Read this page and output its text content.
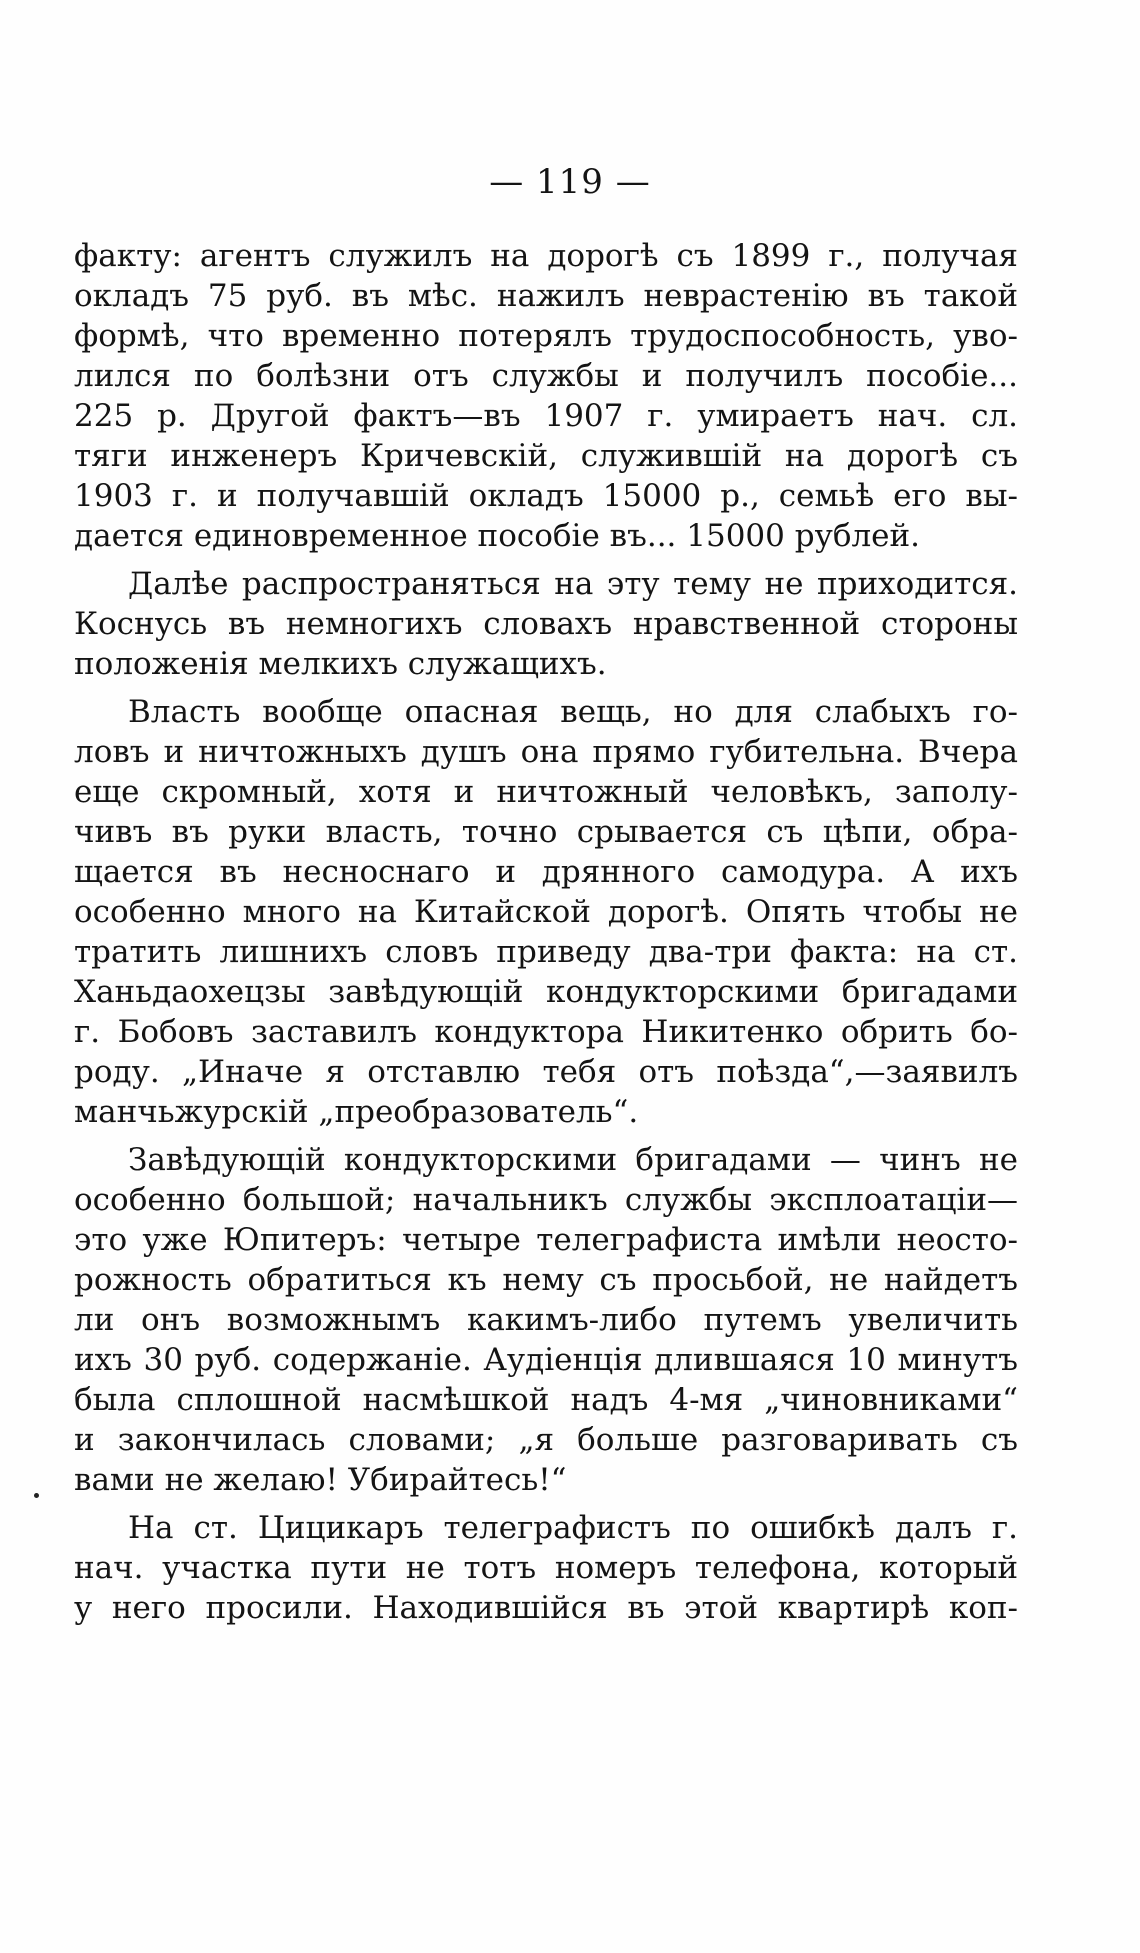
— 119 —
факту: агентъ служилъ на дорогѣ съ 1899 г., получая
окладъ 75 руб. въ мѣс. нажилъ неврастенію въ такой
формѣ, что временно потерялъ трудоспособность, уво-
лился по болѣзни отъ службы и получилъ пособіе...
225 р. Другой фактъ—въ 1907 г. умираетъ нач. сл.
тяги инженеръ Кричевскій, служившій на дорогѣ съ
1903 г. и получавшій окладъ 15000 р., семьѣ его вы-
дается единовременное пособіе въ... 15000 рублей.
Далѣе распространяться на эту тему не приходится.
Коснусь въ немногихъ словахъ нравственной стороны
положенія мелкихъ служащихъ.
Власть вообще опасная вещь, но для слабыхъ го-
ловъ и ничтожныхъ душъ она прямо губительна. Вчера
еще скромный, хотя и ничтожный человѣкъ, заполу-
чивъ въ руки власть, точно срывается съ цѣпи, обра-
щается въ несноснаго и дрянного самодура. А ихъ
особенно много на Китайской дорогѣ. Опять чтобы не
тратить лишнихъ словъ приведу два-три факта: на ст.
Ханьдаохецзы завѣдующій кондукторскими бригадами
г. Бобовъ заставилъ кондуктора Никитенко обрить бо-
роду. „Иначе я отставлю тебя отъ поѣзда“,—заявилъ
манчьжурскій „преобразователь“.
Завѣдующій кондукторскими бригадами — чинъ не
особенно большой; начальникъ службы эксплоатаціи—
это уже Юпитеръ: четыре телеграфиста имѣли неосто-
рожность обратиться къ нему съ просьбой, не найдетъ
ли онъ возможнымъ какимъ-либо путемъ увеличить
ихъ 30 руб. содержаніе. Аудіенція длившаяся 10 минутъ
была сплошной насмѣшкой надъ 4-мя „чиновниками“
и закончилась словами; „я больше разговаривать съ
вами не желаю! Убирайтесь!“
На ст. Цицикаръ телеграфистъ по ошибкѣ далъ г.
нач. участка пути не тотъ номеръ телефона, который
у него просили. Находившійся въ этой квартирѣ коп-
